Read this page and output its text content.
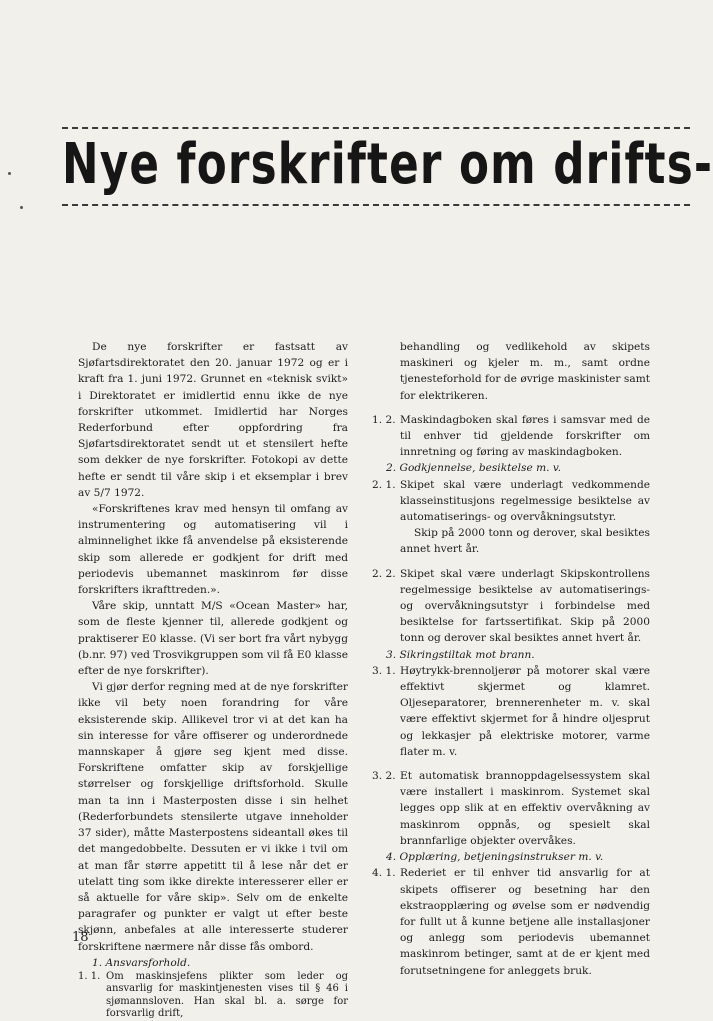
Nye forskrifter om drifts-

De nye forskrifter er fastsatt av Sjøfartsdirektoratet den 20. januar 1972 og er i kraft fra 1. juni 1972. Grunnet en «teknisk svikt» i Direktoratet er imidlertid ennu ikke de nye forskrifter utkommet. Imidlertid har Norges Rederforbund efter oppfordring fra Sjøfartsdirektoratet sendt ut et stensilert hefte som dekker de nye forskrifter. Fotokopi av dette hefte er sendt til våre skip i et eksemplar i brev av 5/7 1972.

«Forskriftenes krav med hensyn til omfang av instrumentering og automatisering vil i alminnelighet ikke få anvendelse på eksisterende skip som allerede er godkjent for drift med periodevis ubemannet maskinrom før disse forskrifters ikrafttreden.».

Våre skip, unntatt M/S «Ocean Master» har, som de fleste kjenner til, allerede godkjent og praktiserer E0 klasse. (Vi ser bort fra vårt nybygg (b.nr. 97) ved Trosvikgruppen som vil få E0 klasse efter de nye forskrifter).

Vi gjør derfor regning med at de nye forskrifter ikke vil bety noen forandring for våre eksisterende skip. Allikevel tror vi at det kan ha sin interesse for våre offiserer og underordnede mannskaper å gjøre seg kjent med disse. Forskriftene omfatter skip av forskjellige størrelser og forskjellige driftsforhold. Skulle man ta inn i Masterposten disse i sin helhet (Rederforbundets stensilerte utgave inneholder 37 sider), måtte Masterpostens sideantall økes til det mangedobbelte. Dessuten er vi ikke i tvil om at man får større appetitt til å lese når det er utelatt ting som ikke direkte interesserer eller er så aktuelle for våre skip». Selv om de enkelte paragrafer og punkter er valgt ut efter beste skjønn, anbefales at alle interesserte studerer forskriftene nærmere når disse fås ombord.

1. Ansvarsforhold.

1. 1. Om maskinsjefens plikter som leder og ansvarlig for maskintjenesten vises til § 46 i sjømannsloven. Han skal bl. a. sørge for forsvarlig drift,
behandling og vedlikehold av skipets maskineri og kjeler m. m., samt ordne tjenesteforhold for de øvrige maskinister samt for elektrikeren.
1. 2. Maskindagboken skal føres i samsvar med de til enhver tid gjeldende forskrifter om innretning og føring av maskindagboken.

2. Godkjennelse, besiktelse m. v.

2. 1. Skipet skal være underlagt vedkommende klasseinstitusjons regelmessige besiktelse av automatiserings- og overvåkningsutstyr.
Skip på 2000 tonn og derover, skal besiktes annet hvert år.
2. 2. Skipet skal være underlagt Skipskontrollens regelmessige besiktelse av automatiserings- og overvåkningsutstyr i forbindelse med besiktelse for fartssertifikat. Skip på 2000 tonn og derover skal besiktes annet hvert år.

3. Sikringstiltak mot brann.

3. 1. Høytrykk-brennoljerør på motorer skal være effektivt skjermet og klamret. Oljeseparatorer, brennerenheter m. v. skal være effektivt skjermet for å hindre oljesprut og lekkasjer på elektriske motorer, varme flater m. v.
3. 2. Et automatisk brannoppdagelsessystem skal være installert i maskinrom. Systemet skal legges opp slik at en effektiv overvåkning av maskinrom oppnås, og spesielt skal brannfarlige objekter overvåkes.

4. Opplæring, betjeningsinstrukser m. v.

4. 1. Rederiet er til enhver tid ansvarlig for at skipets offiserer og besetning har den ekstraopplæring og øvelse som er nødvendig for fullt ut å kunne betjene alle installasjoner og anlegg som periodevis ubemannet maskinrom betinger, samt at de er kjent med forutsetningene for anleggets bruk.
18
